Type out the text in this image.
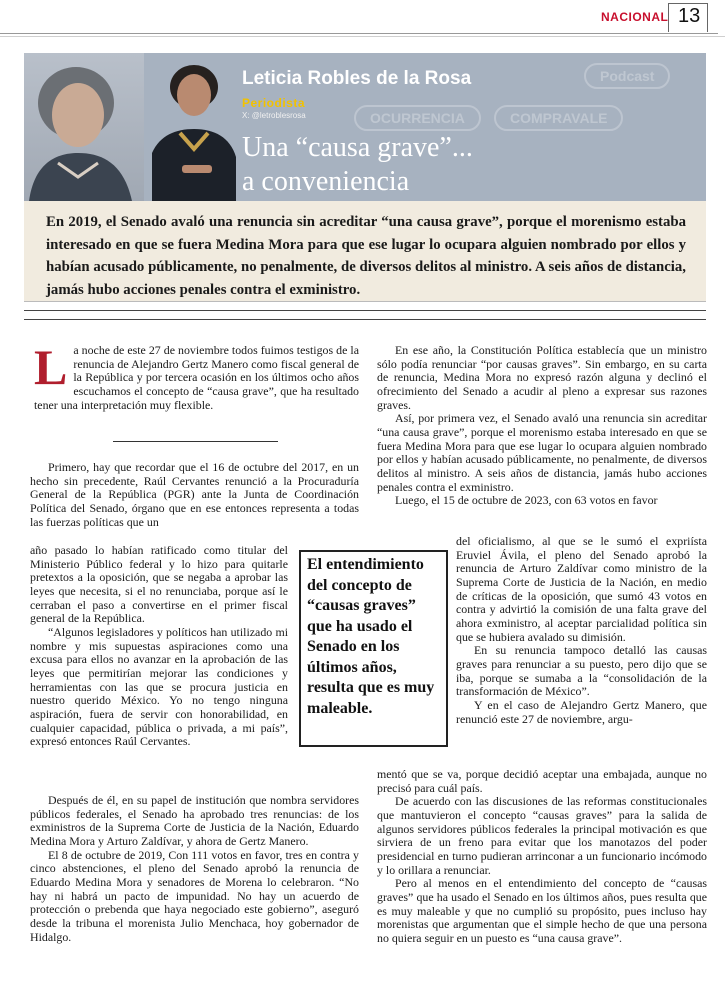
NACIONAL 13
OCURRENCIA	COMPRAVALE
Podcast
Leticia Robles de la Rosa
Periodista
X: @letroblesrosa
Una “causa grave”...
a conveniencia

En 2019, el Senado avaló una renuncia sin acreditar “una causa grave”, porque el morenismo estaba interesado en que se fuera Medina Mora para que ese lugar lo ocupara alguien nombrado por ellos y habían acusado públicamente, no penalmente, de diversos delitos al ministro. A seis años de distancia, jamás hubo acciones penales contra el exministro.

L a noche de este 27 de noviembre todos fuimos testigos de la renuncia de Alejandro Gertz Manero como fiscal general de la República y por tercera ocasión en los últimos ocho años escuchamos el concepto de “causa grave”, que ha resultado tener una interpretación muy flexible.

Primero, hay que recordar que el 16 de octubre del 2017, en un hecho sin precedente, Raúl Cervantes renunció a la Procuraduría General de la República (PGR) ante la Junta de Coordinación Política del Senado, órgano que en ese entonces representa a todas las fuerzas políticas que un

año pasado lo habían ratificado como titular del Ministerio Público federal y lo hizo para quitarle pretextos a la oposición, que se negaba a aprobar las leyes que necesita, si el no renunciaba, porque así le cerraban el paso a convertirse en el primer fiscal general de la República.

“Algunos legisladores y políticos han utilizado mi nombre y mis supuestas aspiraciones como una excusa para ellos no avanzar en la aprobación de las leyes que permitirían mejorar las condiciones y herramientas con las que se procura justicia en nuestro querido México. Yo no tengo ninguna aspiración, fuera de servir con honorabilidad, en cualquier capacidad, pública o privada, a mi país”, expresó entonces Raúl Cervantes.

Después de él, en su papel de institución que nombra servidores públicos federales, el Senado ha aprobado tres renuncias: de los exministros de la Suprema Corte de Justicia de la Nación, Eduardo Medina Mora y Arturo Zaldívar, y ahora de Gertz Manero.

El 8 de octubre de 2019, Con 111 votos en favor, tres en contra y cinco abstenciones, el pleno del Senado aprobó la renuncia de Eduardo Medina Mora y senadores de Morena lo celebraron. “No hay ni habrá un pacto de impunidad. No hay un acuerdo de protección o prebenda que haya negociado este gobierno”, aseguró desde la tribuna el morenista Julio Menchaca, hoy gobernador de Hidalgo.

El entendimiento del concepto de “causas graves” que ha usado el Senado en los últimos años, resulta que es muy maleable.

En ese año, la Constitución Política establecía que un ministro sólo podía renunciar “por causas graves”. Sin embargo, en su carta de renuncia, Medina Mora no expresó razón alguna y declinó el ofrecimiento del Senado a acudir al pleno a expresar sus razones graves.

Así, por primera vez, el Senado avaló una renuncia sin acreditar “una causa grave”, porque el morenismo estaba interesado en que se fuera Medina Mora para que ese lugar lo ocupara alguien nombrado por ellos y habían acusado públicamente, no penalmente, de diversos delitos al ministro. A seis años de distancia, jamás hubo acciones penales contra el exministro.

Luego, el 15 de octubre de 2023, con 63 votos en favor

del oficialismo, al que se le sumó el expriísta Eruviel Ávila, el pleno del Senado aprobó la renuncia de Arturo Zaldívar como ministro de la Suprema Corte de Justicia de la Nación, en medio de críticas de la oposición, que sumó 43 votos en contra y advirtió la comisión de una falta grave del ahora exministro, al aceptar parcialidad política sin que se hubiera avalado su dimisión.

En su renuncia tampoco detalló las causas graves para renunciar a su puesto, pero dijo que se iba, porque se sumaba a la “consolidación de la transformación de México”.

Y en el caso de Alejandro Gertz Manero, que renunció este 27 de noviembre, argu-

mentó que se va, porque decidió aceptar una embajada, aunque no precisó para cuál país.

De acuerdo con las discusiones de las reformas constitucionales que mantuvieron el concepto “causas graves” para la salida de algunos servidores públicos federales la principal motivación es que sirviera de un freno para evitar que los manotazos del poder presidencial en turno pudieran arrinconar a un funcionario incómodo y lo orillara a renunciar.

Pero al menos en el entendimiento del concepto de “causas graves” que ha usado el Senado en los últimos años, pues resulta que es muy maleable y que no cumplió su propósito, pues incluso hay morenistas que argumentan que el simple hecho de que una persona no quiera seguir en un puesto es “una causa grave”.
